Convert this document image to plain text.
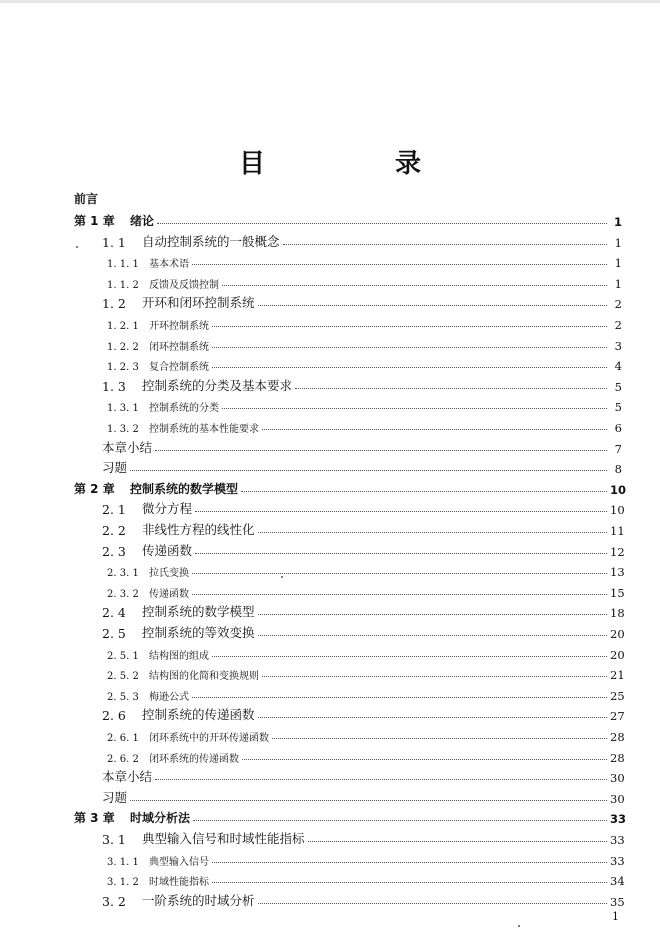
目　录
前言
第 1 章	绪论	1
1. 1	自动控制系统的一般概念	1
1. 1. 1	基本术语	1
1. 1. 2	反馈及反馈控制	1
1. 2	开环和闭环控制系统	2
1. 2. 1	开环控制系统	2
1. 2. 2	闭环控制系统	3
1. 2. 3	复合控制系统	4
1. 3	控制系统的分类及基本要求	5
1. 3. 1	控制系统的分类	5
1. 3. 2	控制系统的基本性能要求	6
本章小结	7
习题	8
第 2 章	控制系统的数学模型	10
2. 1	微分方程	10
2. 2	非线性方程的线性化	11
2. 3	传递函数	12
2. 3. 1	拉氏变换	13
2. 3. 2	传递函数	15
2. 4	控制系统的数学模型	18
2. 5	控制系统的等效变换	20
2. 5. 1	结构图的组成	20
2. 5. 2	结构图的化简和变换规则	21
2. 5. 3	梅逊公式	25
2. 6	控制系统的传递函数	27
2. 6. 1	闭环系统中的开环传递函数	28
2. 6. 2	闭环系统的传递函数	28
本章小结	30
习题	30
第 3 章	时域分析法	33
3. 1	典型输入信号和时域性能指标	33
3. 1. 1	典型输入信号	33
3. 1. 2	时域性能指标	34
3. 2	一阶系统的时域分析	35
1
